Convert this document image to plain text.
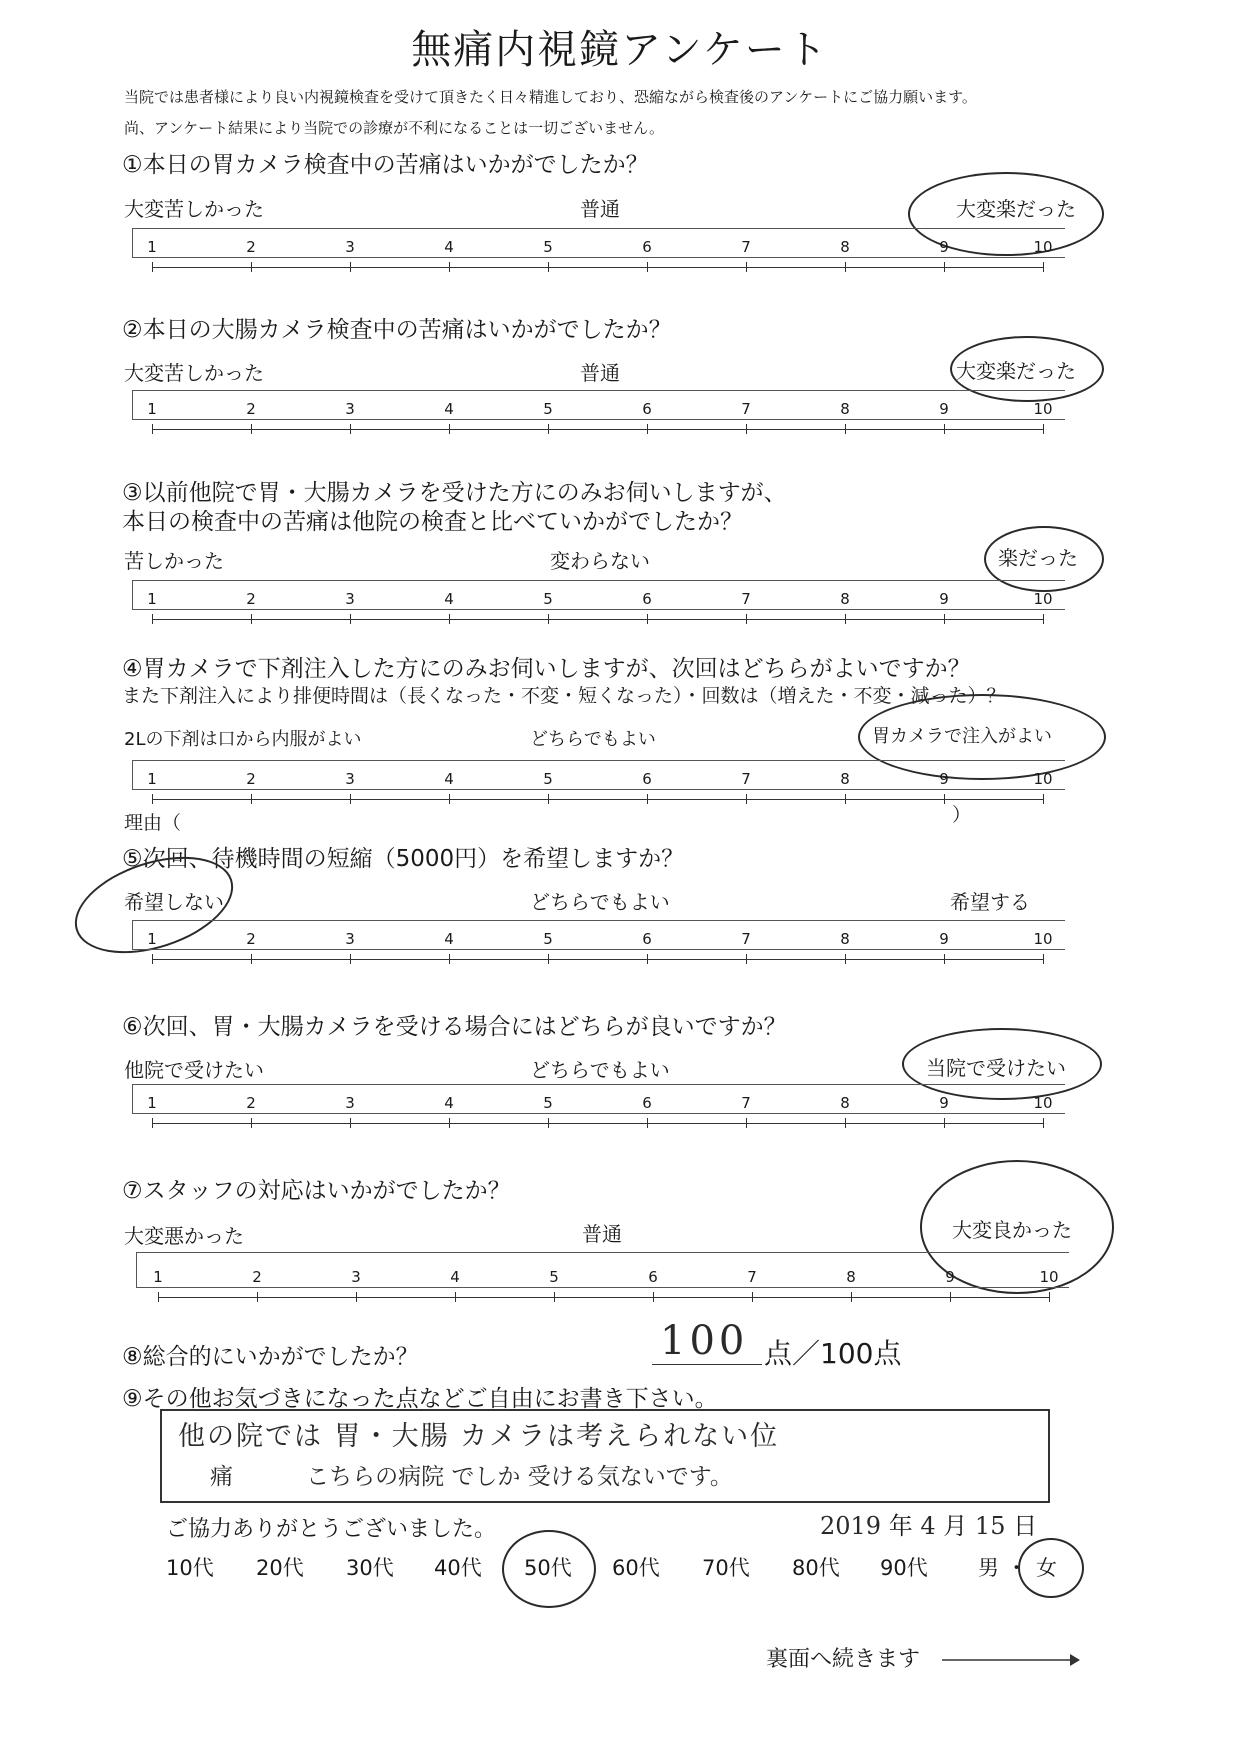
無痛内視鏡アンケート
当院では患者様により良い内視鏡検査を受けて頂きたく日々精進しており、恐縮ながら検査後のアンケートにご協力願います。
尚、アンケート結果により当院での診療が不利になることは一切ございません。
①本日の胃カメラ検査中の苦痛はいかがでしたか？
大変苦しかった	普通	大変楽だった
1	2	3	4	5	6	7	8	9	10
②本日の大腸カメラ検査中の苦痛はいかがでしたか？
大変苦しかった	普通	大変楽だった
1	2	3	4	5	6	7	8	9	10
③以前他院で胃・大腸カメラを受けた方にのみお伺いしますが、
本日の検査中の苦痛は他院の検査と比べていかがでしたか？
苦しかった	変わらない	楽だった
1	2	3	4	5	6	7	8	9	10
④胃カメラで下剤注入した方にのみお伺いしますが、次回はどちらがよいですか？
また下剤注入により排便時間は（長くなった・不変・短くなった）・回数は（増えた・不変・減った）？
2Lの下剤は口から内服がよい	どちらでもよい	胃カメラで注入がよい
1	2	3	4	5	6	7	8	9	10
理由（	）
⑤次回、待機時間の短縮（5000円）を希望しますか？
希望しない	どちらでもよい	希望する
1	2	3	4	5	6	7	8	9	10
⑥次回、胃・大腸カメラを受ける場合にはどちらが良いですか？
他院で受けたい	どちらでもよい	当院で受けたい
1	2	3	4	5	6	7	8	9	10
⑦スタッフの対応はいかがでしたか？
大変悪かった	普通	大変良かった
1	2	3	4	5	6	7	8	9	10
⑧総合的にいかがでしたか？	100 点／100点
⑨その他お気づきになった点などご自由にお書き下さい。
他の院では 胃・大腸 カメラは考えられない位
痛          こちらの病院 でしか 受ける気ないです。
ご協力ありがとうございました。	2019 年 4 月 15 日
10代 20代 30代 40代 50代 60代 70代 80代 90代 男 ・ 女
裏面へ続きます
